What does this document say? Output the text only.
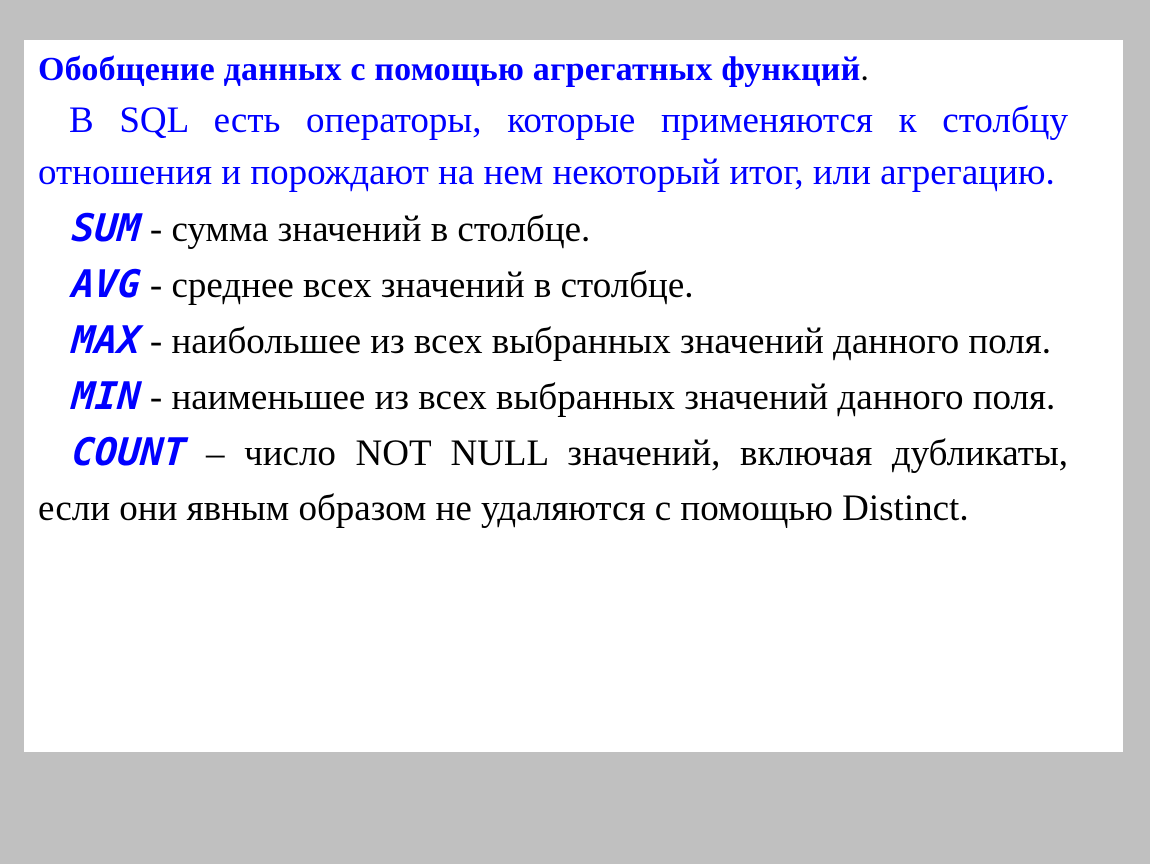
Обобщение данных с помощью агрегатных функций.
В SQL есть операторы, которые применяются к столбцу отношения и порождают на нем некоторый итог, или агрегацию.
SUM - сумма значений в столбце.
AVG - среднее всех значений в столбце.
MAX - наибольшее из всех выбранных значений данного поля.
MIN - наименьшее из всех выбранных значений данного поля.
COUNT – число NOT NULL значений, включая дубликаты, если они явным образом не удаляются с помощью Distinct.
